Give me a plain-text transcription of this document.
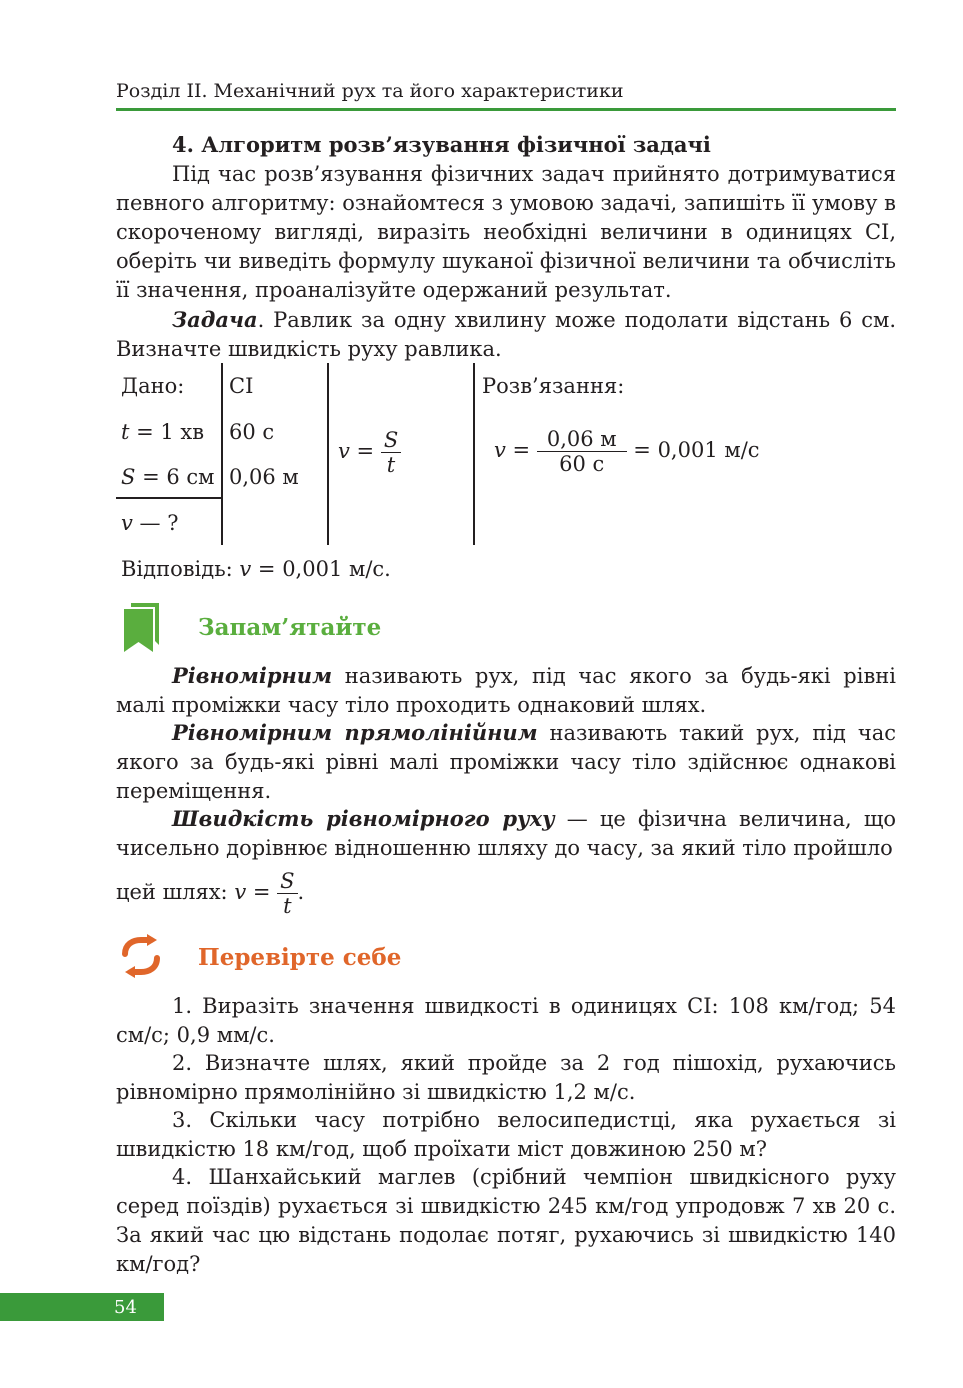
Розділ II. Механічний рух та його характеристики
4. Алгоритм розв’язування фізичної задачі
Під час розв’язування фізичних задач прийнято дотримуватися певного алгоритму: ознайомтеся з умовою задачі, запишіть її умову в скороченому вигляді, виразіть необхідні величини в одиницях СІ, оберіть чи виведіть формулу шуканої фізичної величини та обчисліть її значення, проаналізуйте одержаний результат.
Задача. Равлик за одну хвилину може подолати відстань 6 см. Визначте швидкість руху равлика.
Дано: СІ	Розв’язання:
t = 1 хв 60 с
S = 6 см 0,06 м
v — ?
$v = \frac{S}{t}$	$v = \frac{0,06 м}{60 с} = 0,001$ м/с
Відповідь: v = 0,001 м/с.
Запам’ятайте
Рівномірним називають рух, під час якого за будь-які рівні малі проміжки часу тіло проходить однаковий шлях.
Рівномірним прямолінійним називають такий рух, під час якого за будь-які рівні малі проміжки часу тіло здійснює однакові переміщення.
Швидкість рівномірного руху — це фізична величина, що чисельно дорівнює відношенню шляху до часу, за який тіло пройшло
цей шлях: $v = \frac{S}{t}$ .
Перевірте себе
1. Виразіть значення швидкості в одиницях СІ: 108 км/год; 54 см/с; 0,9 мм/с.
2. Визначте шлях, який пройде за 2 год пішохід, рухаючись рівномірно прямолінійно зі швидкістю 1,2 м/с.
3. Скільки часу потрібно велосипедистці, яка рухається зі швидкістю 18 км/год, щоб проїхати міст довжиною 250 м?
4. Шанхайський маглев (срібний чемпіон швидкісного руху серед поїздів) рухається зі швидкістю 245 км/год упродовж 7 хв 20 с. За який час цю відстань подолає потяг, рухаючись зі швидкістю 140 км/год?
54
